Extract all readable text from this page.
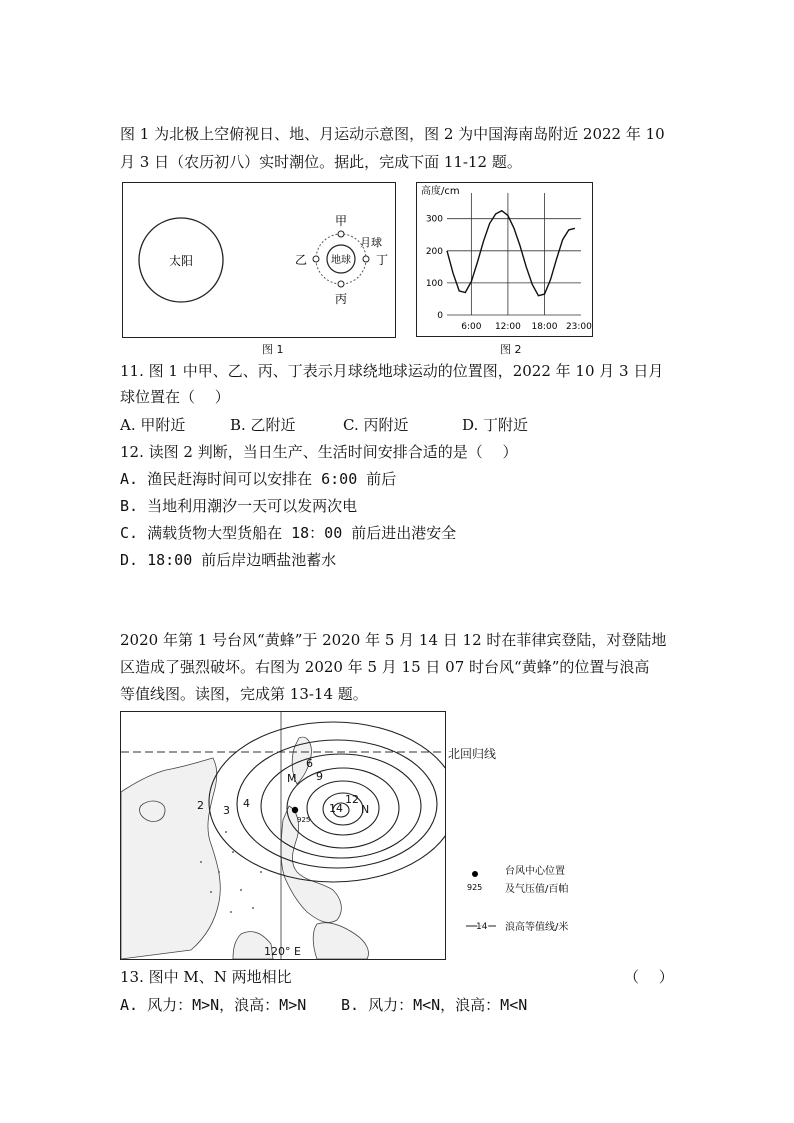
图 1 为北极上空俯视日、地、月运动示意图，图 2 为中国海南岛附近 2022 年 10
月 3 日（农历初八）实时潮位。据此，完成下面 11-12 题。
太阳	地球
甲
乙
丙
丁
月球
图 1
高度/cm
0
100
200
300
6:00 12:00 18:00 23:00
图 2
11. 图 1 中甲、乙、丙、丁表示月球绕地球运动的位置图，2022 年 10 月 3 日月
球位置在（　 ）
A. 甲附近	B. 乙附近	C. 丙附近	D. 丁附近
12. 读图 2 判断，当日生产、生活时间安排合适的是（　 ）
A. 渔民赶海时间可以安排在 6:00 前后
B. 当地利用潮汐一天可以发两次电
C. 满载货物大型货船在 18：00 前后进出港安全
D. 18:00 前后岸边晒盐池蓄水
2020 年第 1 号台风“黄蜂”于 2020 年 5 月 14 日 12 时在菲律宾登陆，对登陆地
区造成了强烈破坏。右图为 2020 年 5 月 15 日 07 时台风“黄蜂”的位置与浪高
等值线图。读图，完成第 13-14 题。
2 3
4
6
9
12
14
M
N
120° E
925
北回归线
925
台风中心位置
及气压值/百帕
14 浪高等值线/米
13. 图中 M、N 两地相比	（　 ）
A. 风力：M>N，浪高：M>N B. 风力：M<N，浪高：M<N
